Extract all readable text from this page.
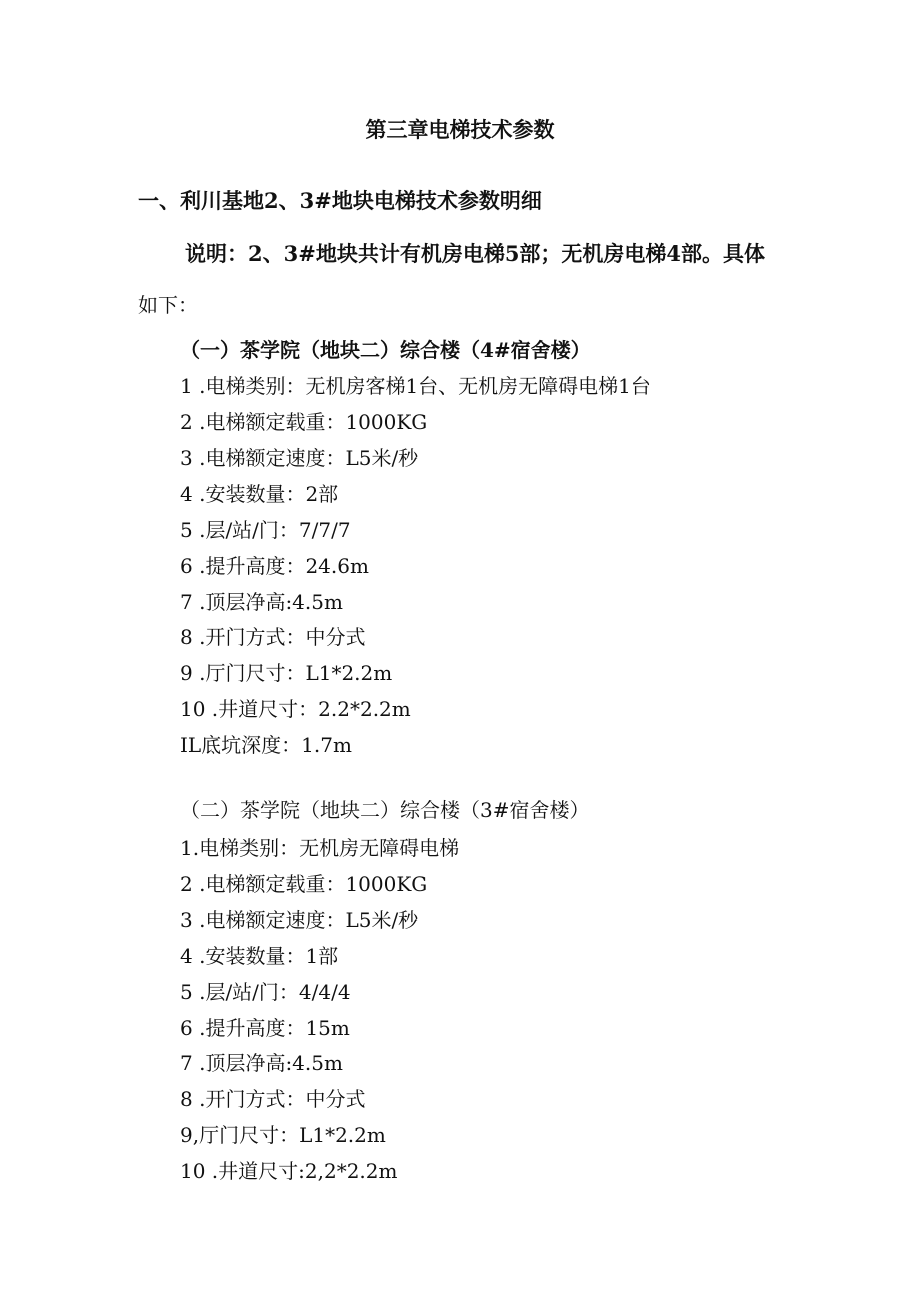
第三章电梯技术参数
一、利川基地2、3#地块电梯技术参数明细
说明：2、3#地块共计有机房电梯5部；无机房电梯4部。具体
如下：
（一）茶学院（地块二）综合楼（4#宿舍楼）
1 .电梯类别：无机房客梯1台、无机房无障碍电梯1台
2 .电梯额定载重：1000KG
3 .电梯额定速度：L5米/秒
4 .安装数量：2部
5 .层/站/门：7/7/7
6 .提升高度：24.6m
7 .顶层净高:4.5m
8 .开门方式：中分式
9 .厅门尺寸：L1*2.2m
10 .井道尺寸：2.2*2.2m
IL底坑深度：1.7m
（二）茶学院（地块二）综合楼（3#宿舍楼）
1.电梯类别：无机房无障碍电梯
2 .电梯额定载重：1000KG
3 .电梯额定速度：L5米/秒
4 .安装数量：1部
5 .层/站/门：4/4/4
6 .提升高度：15m
7 .顶层净高:4.5m
8 .开门方式：中分式
9,厅门尺寸：L1*2.2m
10 .井道尺寸:2,2*2.2m
